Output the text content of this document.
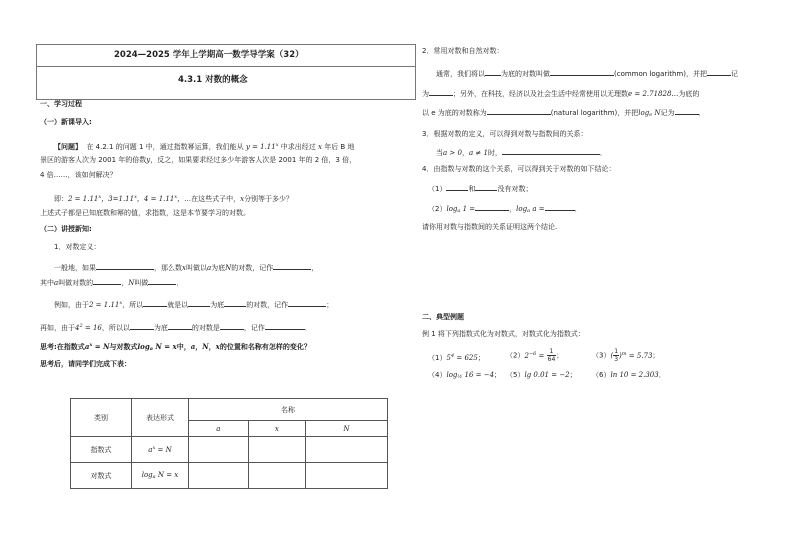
2024—2025 学年上学期高一数学导学案（32）
4.3.1 对数的概念
一、学习过程
（一）新课导入:
【问题】 在 4.2.1 的问题 1 中，通过指数幂运算，我们能从 $y = 1.11^x$ 中求出经过 x 年后 B 地
景区的游客人次为 2001 年的倍数y，反之，如果要求经过多少年游客人次是 2001 年的 2 倍，3 倍，
4 倍……，该如何解决？
即：$2 = 1.11^x$，$3=1.11^x$，$4 = 1.11^x$，…在这些式子中，x分别等于多少？
上述式子都是已知底数和幂的值，求指数，这是本节要学习的对数。
（二）讲授新知:
1．对数定义：
一般地，如果	，那么数x叫做以a为底N的对数，记作	，
其中a叫做对数的	，N叫做	．
例如，由于$2 = 1.11^x$，所以	就是以	为底	的对数，记作	；
再如，由于$4^2 = 16$，所以以	为底	的对数是	，记作	．
思考:在指数式$a^x = N$与对数式$\log_a N = x$中，a，N，x的位置和名称有怎样的变化？
思考后，请同学们完成下表：
类别	表达形式	名称		
		a	x	N
指数式	$a^x = N$			
对数式	$\log_a N = x$			
2．常用对数和自然对数：
通常，我们将以 为底的对数叫做	(common logarithm)，并把	记
为	；另外，在科技，经济以及社会生活中经常使用以无理数e = 2.71828…为底的
以 e 为底的对数称为	(natural logarithm)，并把$\log_e N$记为	．
3．根据对数的定义，可以得到对数与指数间的关系：
当a > 0，a ≠ 1时，	．
4．由指数与对数的这个关系，可以得到关于对数的如下结论：
（1）	和	没有对数；
$(2)\log_a$ 1 =	，$\log_a a$ =	．
请你用对数与指数间的关系证明这两个结论.
二、典型例题
例 1 将下列指数式化为对数式，对数式化为指数式：
$(1)5^4 = 625$；	$(2)2^{-6} = \frac{1}{64}$ ；	$(3)( \frac{1}{3} )^m = 5.73$；
$(4)\log_{\frac{1}{2}}$ 16 = −4； （5）lg 0.01 = −2； （6）ln 10 = 2.303．
